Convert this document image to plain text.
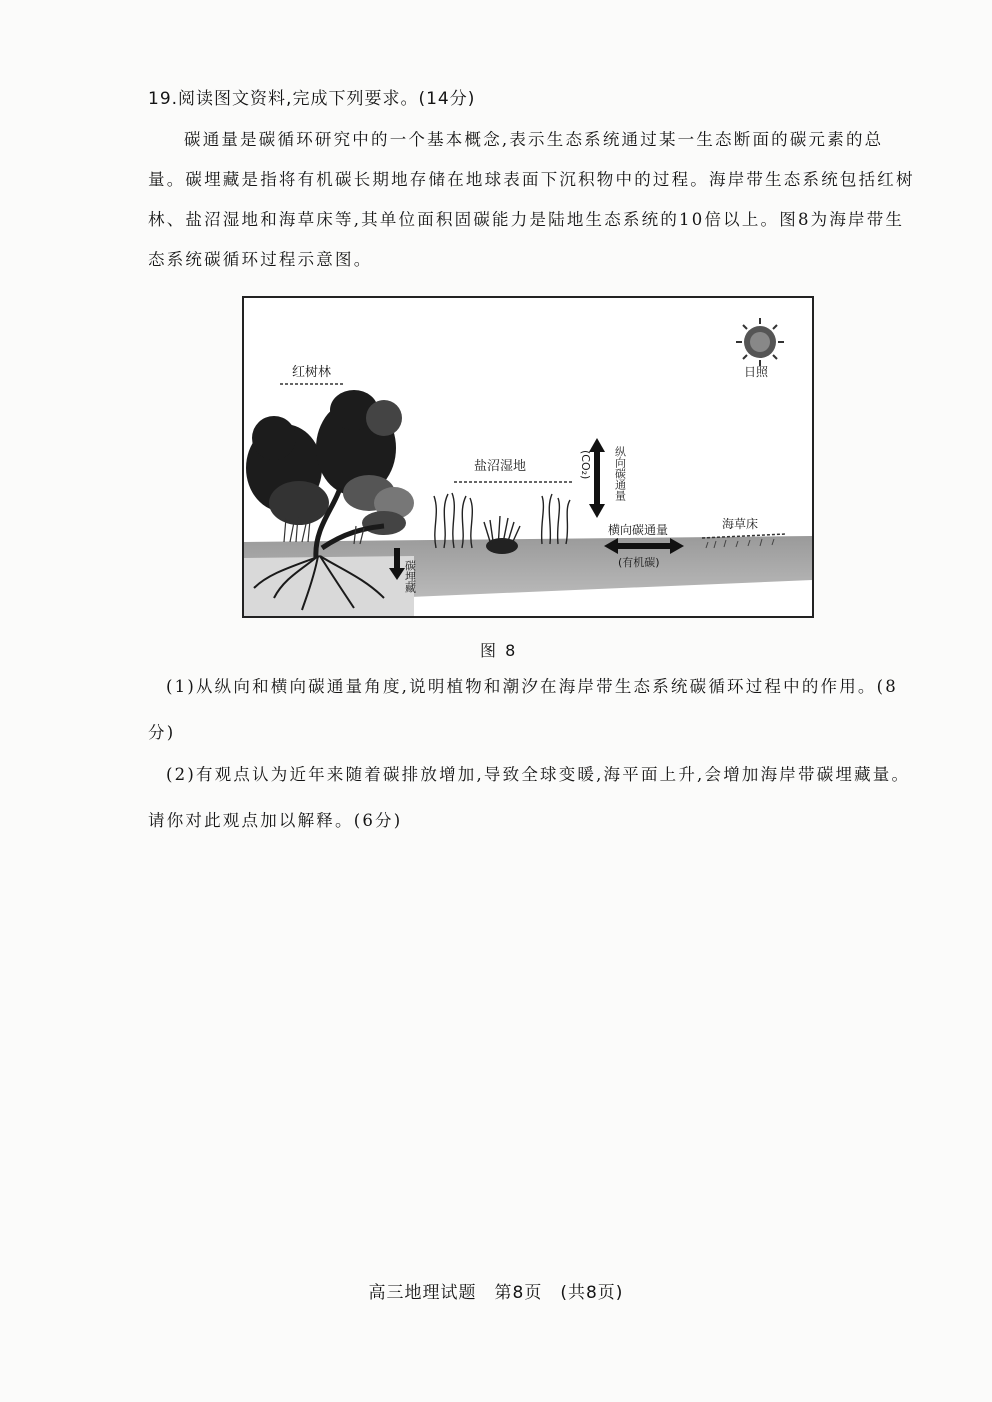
19.阅读图文资料,完成下列要求。(14分)
碳通量是碳循环研究中的一个基本概念,表示生态系统通过某一生态断面的碳元素的总量。碳埋藏是指将有机碳长期地存储在地球表面下沉积物中的过程。海岸带生态系统包括红树林、盐沼湿地和海草床等,其单位面积固碳能力是陆地生态系统的10倍以上。图8为海岸带生态系统碳循环过程示意图。
日照
红树林
碳埋藏
盐沼湿地	(CO₂) 纵向碳通量
横向碳通量
(有机碳)
海草床
图 8
(1)从纵向和横向碳通量角度,说明植物和潮汐在海岸带生态系统碳循环过程中的作用。(8分)
(2)有观点认为近年来随着碳排放增加,导致全球变暖,海平面上升,会增加海岸带碳埋藏量。请你对此观点加以解释。(6分)
高三地理试题　第8页　(共8页)
